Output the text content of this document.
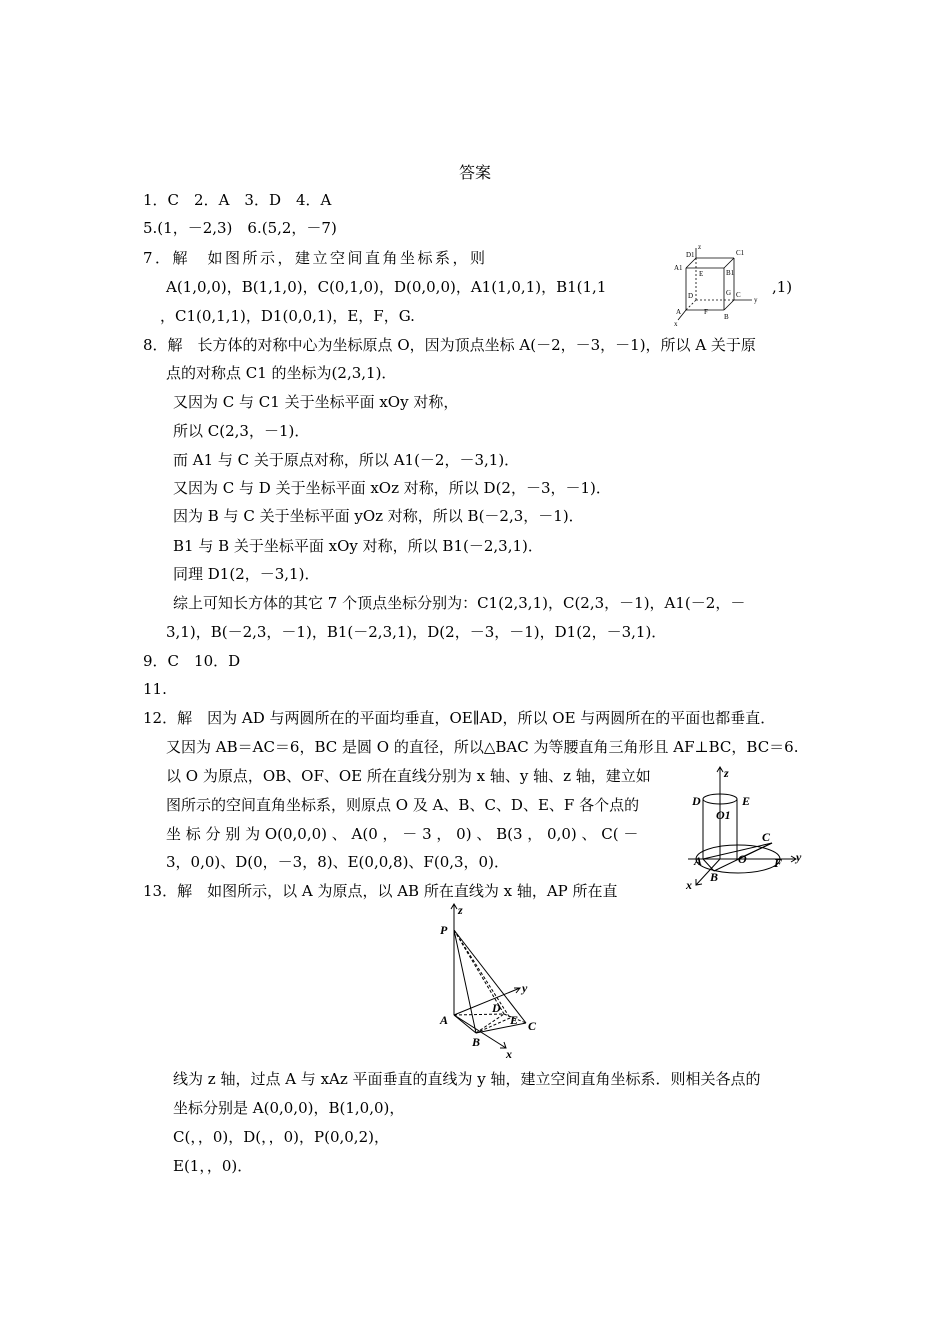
答案
1．C　2．A　3．D　4．A
5.(1，－2,3)　6.(5,2，－7)
7．解　如图所示，建立空间直角坐标系，则
A(1,0,0)，B(1,1,0)，C(0,1,0)，D(0,0,0)，A1(1,0,1)，B1(1,1	,1)
，C1(0,1,1)，D1(0,0,1)，E，F，G.
8．解　长方体的对称中心为坐标原点 O，因为顶点坐标 A(－2，－3，－1)，所以 A 关于原
点的对称点 C1 的坐标为(2,3,1)．
又因为 C 与 C1 关于坐标平面 xOy 对称，
所以 C(2,3，－1)．
而 A1 与 C 关于原点对称，所以 A1(－2，－3,1)．
又因为 C 与 D 关于坐标平面 xOz 对称，所以 D(2，－3，－1)．
因为 B 与 C 关于坐标平面 yOz 对称，所以 B(－2,3，－1)．
B1 与 B 关于坐标平面 xOy 对称，所以 B1(－2,3,1)．
同理 D1(2，－3,1)．
综上可知长方体的其它 7 个顶点坐标分别为：C1(2,3,1)，C(2,3，－1)，A1(－2，－
3,1)，B(－2,3，－1)，B1(－2,3,1)，D(2，－3，－1)，D1(2，－3,1)．
9．C　10．D
11.
12．解　因为 AD 与两圆所在的平面均垂直，OE∥AD，所以 OE 与两圆所在的平面也都垂直．
又因为 AB＝AC＝6，BC 是圆 O 的直径，所以△BAC 为等腰直角三角形且 AF⊥BC，BC＝6.
以 O 为原点，OB、OF、OE 所在直线分别为 x 轴、y 轴、z 轴，建立如
图所示的空间直角坐标系，则原点 O 及 A、B、C、D、E、F 各个点的
坐 标 分 别 为 O(0,0,0) 、 A(0 ， － 3 ， 0) 、 B(3 ， 0,0) 、 C( －
3，0,0)、D(0，－3，8)、E(0,0,8)、F(0,3，0)．
13．解　如图所示，以 A 为原点，以 AB 所在直线为 x 轴，AP 所在直
线为 z 轴，过点 A 与 xAz 平面垂直的直线为 y 轴，建立空间直角坐标系．则相关各点的
坐标分别是 A(0,0,0)，B(1,0,0)，
C(，，0)，D(，，0)，P(0,0,2)，
E(1，，0)．
z
C1
D1
A1
E	B1
G
y
D	C
A	F
B
x
z
D	E
O1
C
A	O F y
B
x
z
P
y
D
A	E C
B
x
